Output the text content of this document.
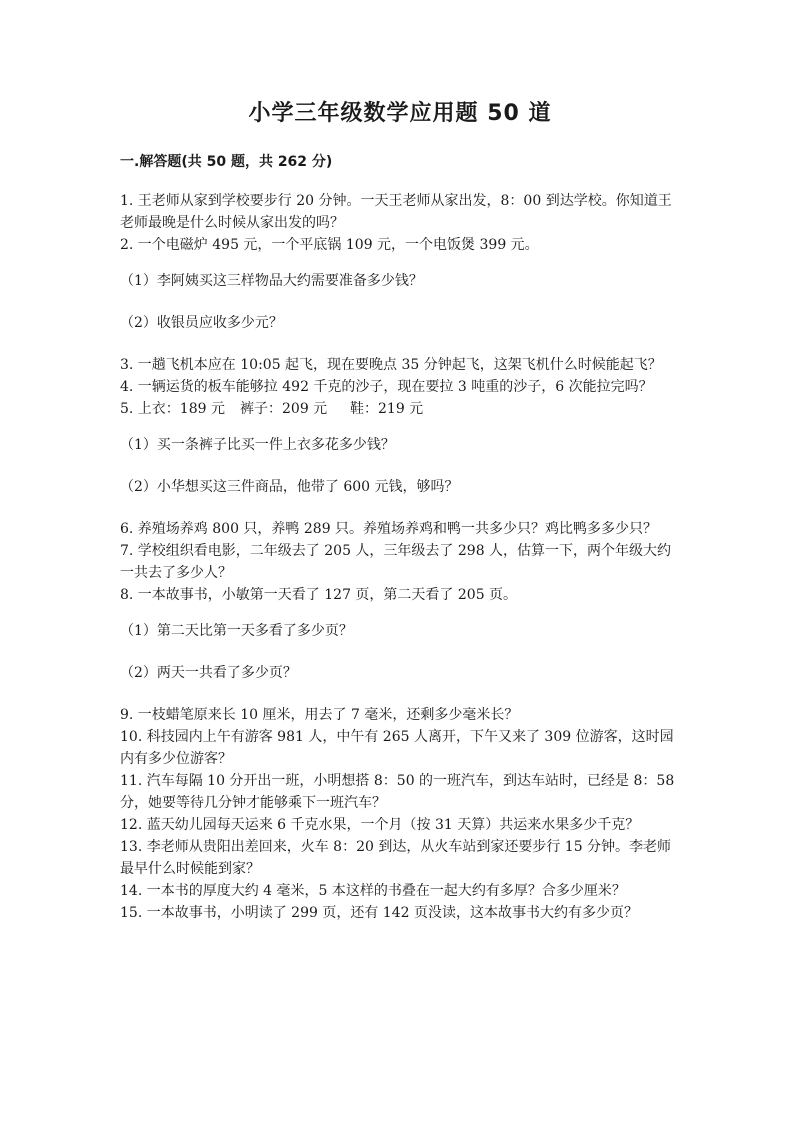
小学三年级数学应用题 50 道
一.解答题(共 50 题，共 262 分)

1. 王老师从家到学校要步行 20 分钟。一天王老师从家出发，8：00 到达学校。你知道王老师最晚是什么时候从家出发的吗？

2. 一个电磁炉 495 元，一个平底锅 109 元，一个电饭煲 399 元。

（1）李阿姨买这三样物品大约需要准备多少钱？

（2）收银员应收多少元？

3. 一趟飞机本应在 10:05 起飞，现在要晚点 35 分钟起飞，这架飞机什么时候能起飞？

4. 一辆运货的板车能够拉 492 千克的沙子，现在要拉 3 吨重的沙子，6 次能拉完吗？

5. 上衣：189 元	裤子：209 元	鞋：219 元

（1）买一条裤子比买一件上衣多花多少钱？

（2）小华想买这三件商品，他带了 600 元钱，够吗？

6. 养殖场养鸡 800 只，养鸭 289 只。养殖场养鸡和鸭一共多少只？鸡比鸭多多少只？

7. 学校组织看电影，二年级去了 205 人，三年级去了 298 人，估算一下，两个年级大约一共去了多少人？

8. 一本故事书，小敏第一天看了 127 页，第二天看了 205 页。

（1）第二天比第一天多看了多少页？

（2）两天一共看了多少页？

9. 一枝蜡笔原来长 10 厘米，用去了 7 毫米，还剩多少毫米长？

10. 科技园内上午有游客 981 人，中午有 265 人离开，下午又来了 309 位游客，这时园内有多少位游客？

11. 汽车每隔 10 分开出一班，小明想搭 8：50 的一班汽车，到达车站时，已经是 8：58 分，她要等待几分钟才能够乘下一班汽车？

12. 蓝天幼儿园每天运来 6 千克水果，一个月（按 31 天算）共运来水果多少千克？

13. 李老师从贵阳出差回来，火车 8：20 到达，从火车站到家还要步行 15 分钟。李老师最早什么时候能到家？

14. 一本书的厚度大约 4 毫米，5 本这样的书叠在一起大约有多厚？合多少厘米？

15. 一本故事书，小明读了 299 页，还有 142 页没读，这本故事书大约有多少页？
